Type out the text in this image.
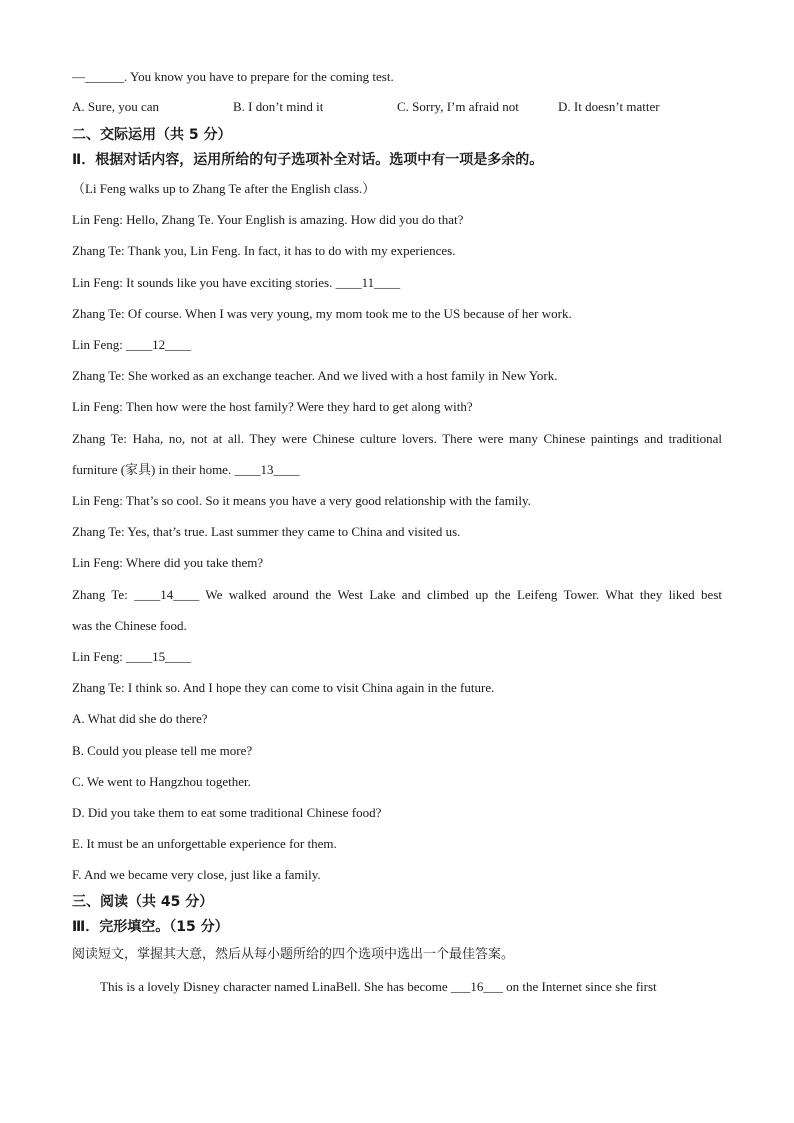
—______. You know you have to prepare for the coming test.
A. Sure, you can	B. I don’t mind it	C. Sorry, I’m afraid not	D. It doesn’t matter
二、交际运用（共 5 分）
Ⅱ．根据对话内容，运用所给的句子选项补全对话。选项中有一项是多余的。
（Li Feng walks up to Zhang Te after the English class.）
Lin Feng: Hello, Zhang Te. Your English is amazing. How did you do that?
Zhang Te: Thank you, Lin Feng. In fact, it has to do with my experiences.
Lin Feng: It sounds like you have exciting stories. ____11____
Zhang Te: Of course. When I was very young, my mom took me to the US because of her work.
Lin Feng: ____12____
Zhang Te: She worked as an exchange teacher. And we lived with a host family in New York.
Lin Feng: Then how were the host family? Were they hard to get along with?
Zhang Te: Haha, no, not at all. They were Chinese culture lovers. There were many Chinese paintings and traditional
furniture (家具) in their home. ____13____
Lin Feng: That’s so cool. So it means you have a very good relationship with the family.
Zhang Te: Yes, that’s true. Last summer they came to China and visited us.
Lin Feng: Where did you take them?
Zhang Te: ____14____ We walked around the West Lake and climbed up the Leifeng Tower. What they liked best
was the Chinese food.
Lin Feng: ____15____
Zhang Te: I think so. And I hope they can come to visit China again in the future.
A. What did she do there?
B. Could you please tell me more?
C. We went to Hangzhou together.
D. Did you take them to eat some traditional Chinese food?
E. It must be an unforgettable experience for them.
F. And we became very close, just like a family.
三、阅读（共 45 分）
Ⅲ．完形填空。（15 分）
阅读短文，掌握其大意，然后从每小题所给的四个选项中选出一个最佳答案。
This is a lovely Disney character named LinaBell. She has become ___16___ on the Internet since she first
